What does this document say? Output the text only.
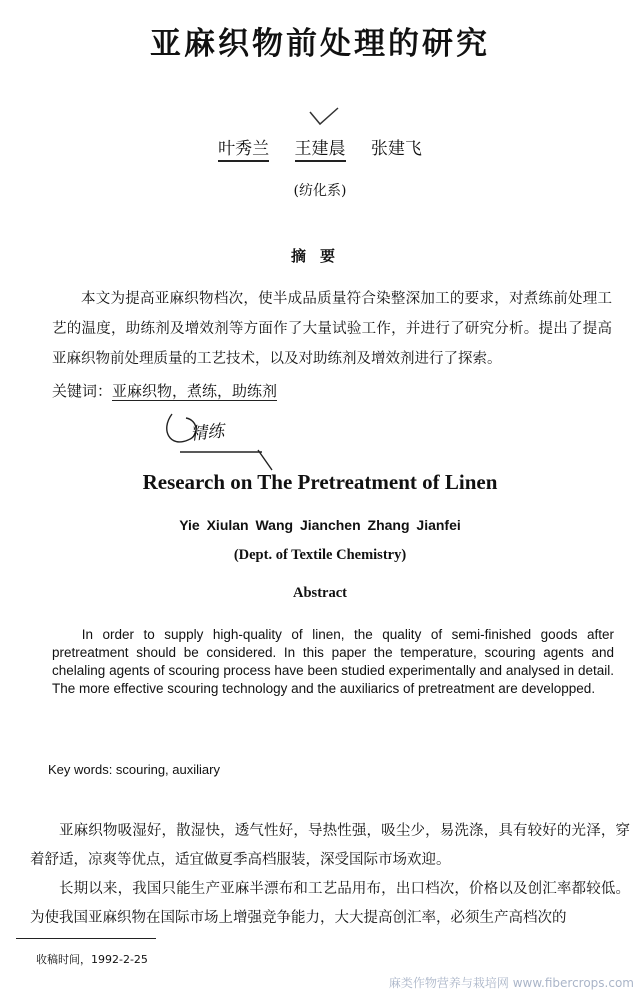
亚麻织物前处理的研究
叶秀兰 王建晨 张建飞
(纺化系)
摘要
本文为提高亚麻织物档次，使半成品质量符合染整深加工的要求，对煮练前处理工艺的温度，助练剂及增效剂等方面作了大量试验工作，并进行了研究分析。提出了提高亚麻织物前处理质量的工艺技术，以及对助练剂及增效剂进行了探索。
关键词：亚麻织物，煮练，助练剂
精练
Research on The Pretreatment of Linen
Yie Xiulan Wang Jianchen Zhang Jianfei
(Dept. of Textile Chemistry)
Abstract
In order to supply high-quality of linen, the quality of semi-finished goods after pretreatment should be considered. In this paper the temperature, scouring agents and chelaling agents of scouring process have been studied experimentally and analysed in detail. The more effective scouring technology and the auxiliarics of pretreatment are developped.
Key words: scouring, auxiliary

亚麻织物吸湿好，散湿快，透气性好，导热性强，吸尘少，易洗涤，具有较好的光泽，穿着舒适，凉爽等优点，适宜做夏季高档服装，深受国际市场欢迎。

长期以来，我国只能生产亚麻半漂布和工艺品用布，出口档次，价格以及创汇率都较低。为使我国亚麻织物在国际市场上增强竞争能力，大大提高创汇率，必须生产高档次的

收稿时间，1992-2-25
麻类作物营养与栽培网 www.fibercrops.com
